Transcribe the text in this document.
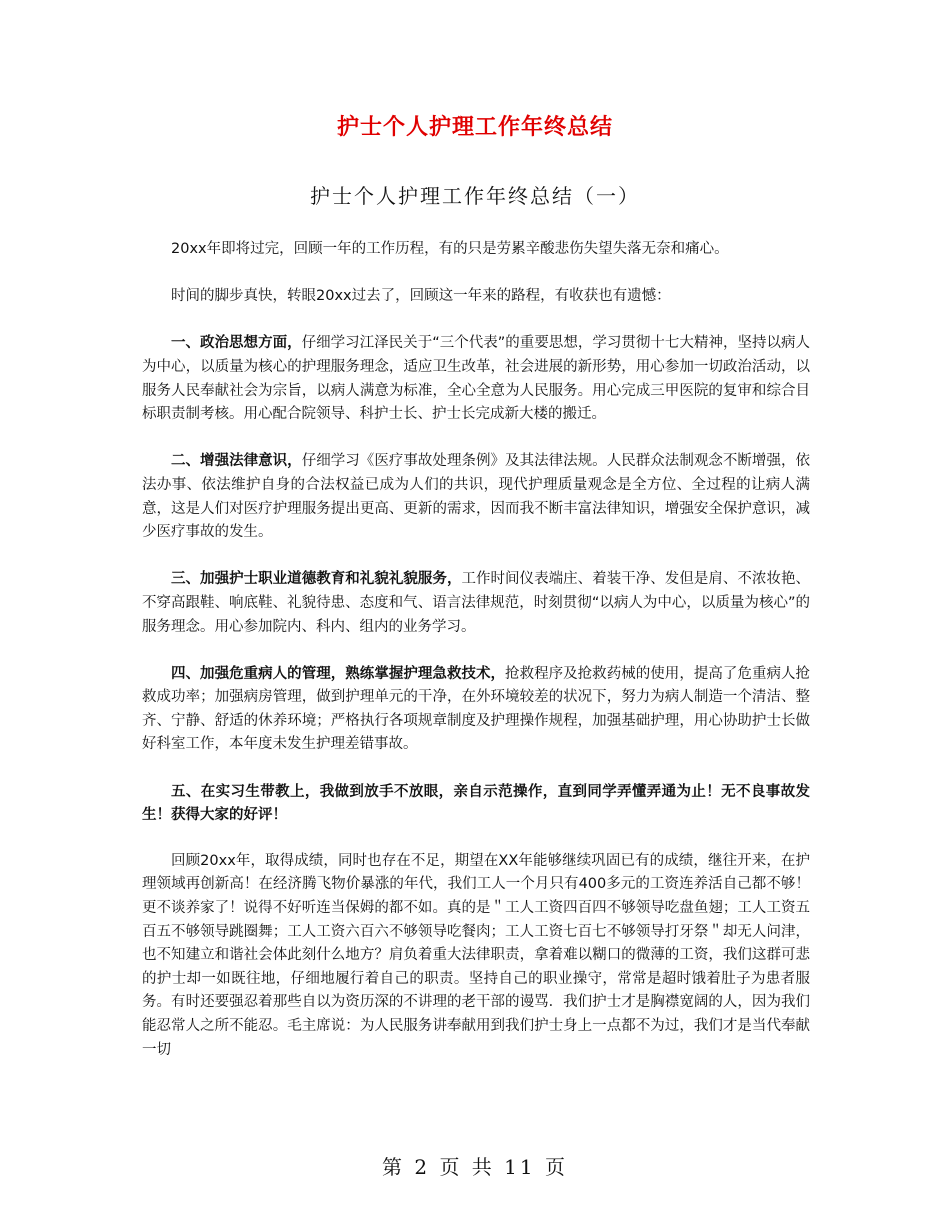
护士个人护理工作年终总结
护士个人护理工作年终总结（一）

20xx年即将过完，回顾一年的工作历程，有的只是劳累辛酸悲伤失望失落无奈和痛心。

时间的脚步真快，转眼20xx过去了，回顾这一年来的路程，有收获也有遗憾：

一、政治思想方面，仔细学习江泽民关于“三个代表”的重要思想，学习贯彻十七大精神，坚持以病人为中心，以质量为核心的护理服务理念，适应卫生改革，社会进展的新形势，用心参加一切政治活动，以服务人民奉献社会为宗旨，以病人满意为标准，全心全意为人民服务。用心完成三甲医院的复审和综合目标职责制考核。用心配合院领导、科护士长、护士长完成新大楼的搬迁。

二、增强法律意识，仔细学习《医疗事故处理条例》及其法律法规。人民群众法制观念不断增强，依法办事、依法维护自身的合法权益已成为人们的共识，现代护理质量观念是全方位、全过程的让病人满意，这是人们对医疗护理服务提出更高、更新的需求，因而我不断丰富法律知识，增强安全保护意识，减少医疗事故的发生。

三、加强护士职业道德教育和礼貌礼貌服务，工作时间仪表端庄、着装干净、发但是肩、不浓妆艳、不穿高跟鞋、响底鞋、礼貌待患、态度和气、语言法律规范，时刻贯彻“以病人为中心，以质量为核心”的服务理念。用心参加院内、科内、组内的业务学习。

四、加强危重病人的管理，熟练掌握护理急救技术，抢救程序及抢救药械的使用，提高了危重病人抢救成功率；加强病房管理，做到护理单元的干净，在外环境较差的状况下，努力为病人制造一个清洁、整齐、宁静、舒适的休养环境；严格执行各项规章制度及护理操作规程，加强基础护理，用心协助护士长做好科室工作，本年度未发生护理差错事故。

五、在实习生带教上，我做到放手不放眼，亲自示范操作，直到同学弄懂弄通为止！无不良事故发生！获得大家的好评！

回顾20xx年，取得成绩，同时也存在不足，期望在XX年能够继续巩固已有的成绩，继往开来，在护理领域再创新高！在经济腾飞物价暴涨的年代，我们工人一个月只有400多元的工资连养活自己都不够！更不谈养家了！说得不好听连当保姆的都不如。真的是＂工人工资四百四不够领导吃盘鱼翅；工人工资五百五不够领导跳圈舞；工人工资六百六不够领导吃餐肉；工人工资七百七不够领导打牙祭＂却无人问津，也不知建立和谐社会体此刻什么地方？肩负着重大法律职责，拿着难以糊口的微薄的工资，我们这群可悲的护士却一如既往地，仔细地履行着自己的职责。坚持自己的职业操守，常常是超时饿着肚子为患者服务。有时还要强忍着那些自以为资历深的不讲理的老干部的谩骂．我们护士才是胸襟宽阔的人，因为我们能忍常人之所不能忍。毛主席说：为人民服务讲奉献用到我们护士身上一点都不为过，我们才是当代奉献一切

第 2 页 共 11 页
